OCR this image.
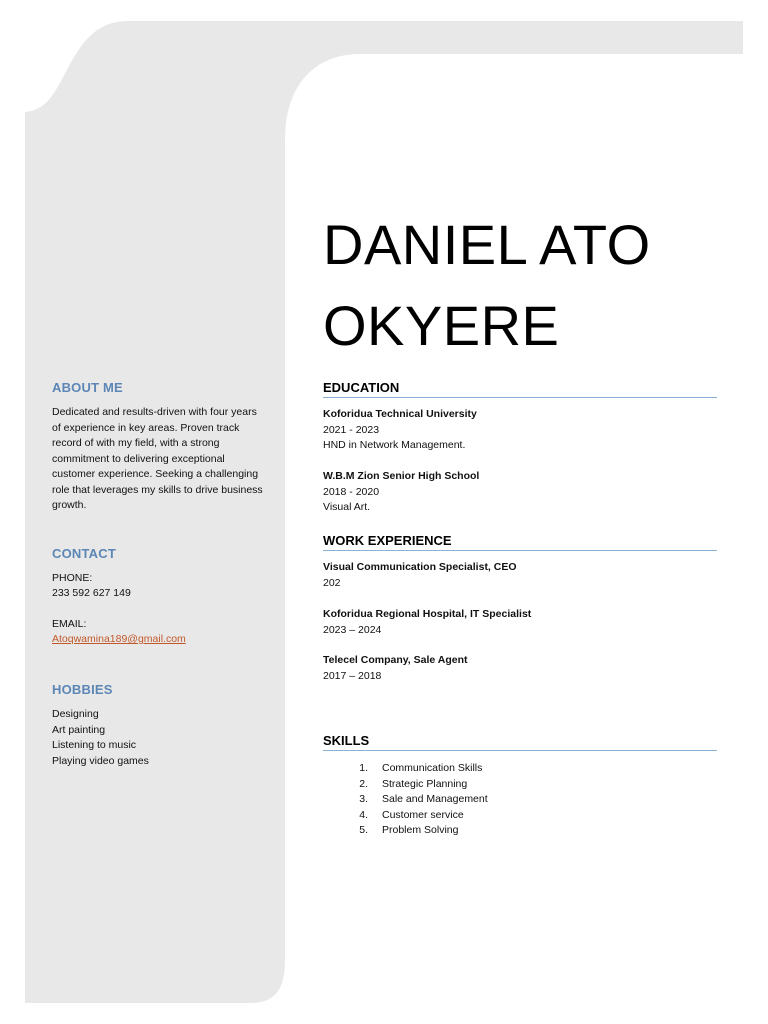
ABOUT ME
Dedicated and results-driven with four years of experience in key areas. Proven track record of with my field, with a strong commitment to delivering exceptional customer experience. Seeking a challenging role that leverages my skills to drive business growth.
CONTACT
PHONE:
233 592 627 149
EMAIL:
Atoqwamina189@gmail.com
HOBBIES
Designing
Art painting
Listening to music
Playing video games
DANIEL ATO
OKYERE
EDUCATION
Koforidua Technical University
2021 - 2023
HND in Network Management.
W.B.M Zion Senior High School
2018 - 2020
Visual Art.
WORK EXPERIENCE
Visual Communication Specialist, CEO
202
Koforidua Regional Hospital, IT Specialist
2023 – 2024
Telecel Company, Sale Agent
2017 – 2018
SKILLS
1. Communication Skills
2. Strategic Planning
3. Sale and Management
4. Customer service
5. Problem Solving
